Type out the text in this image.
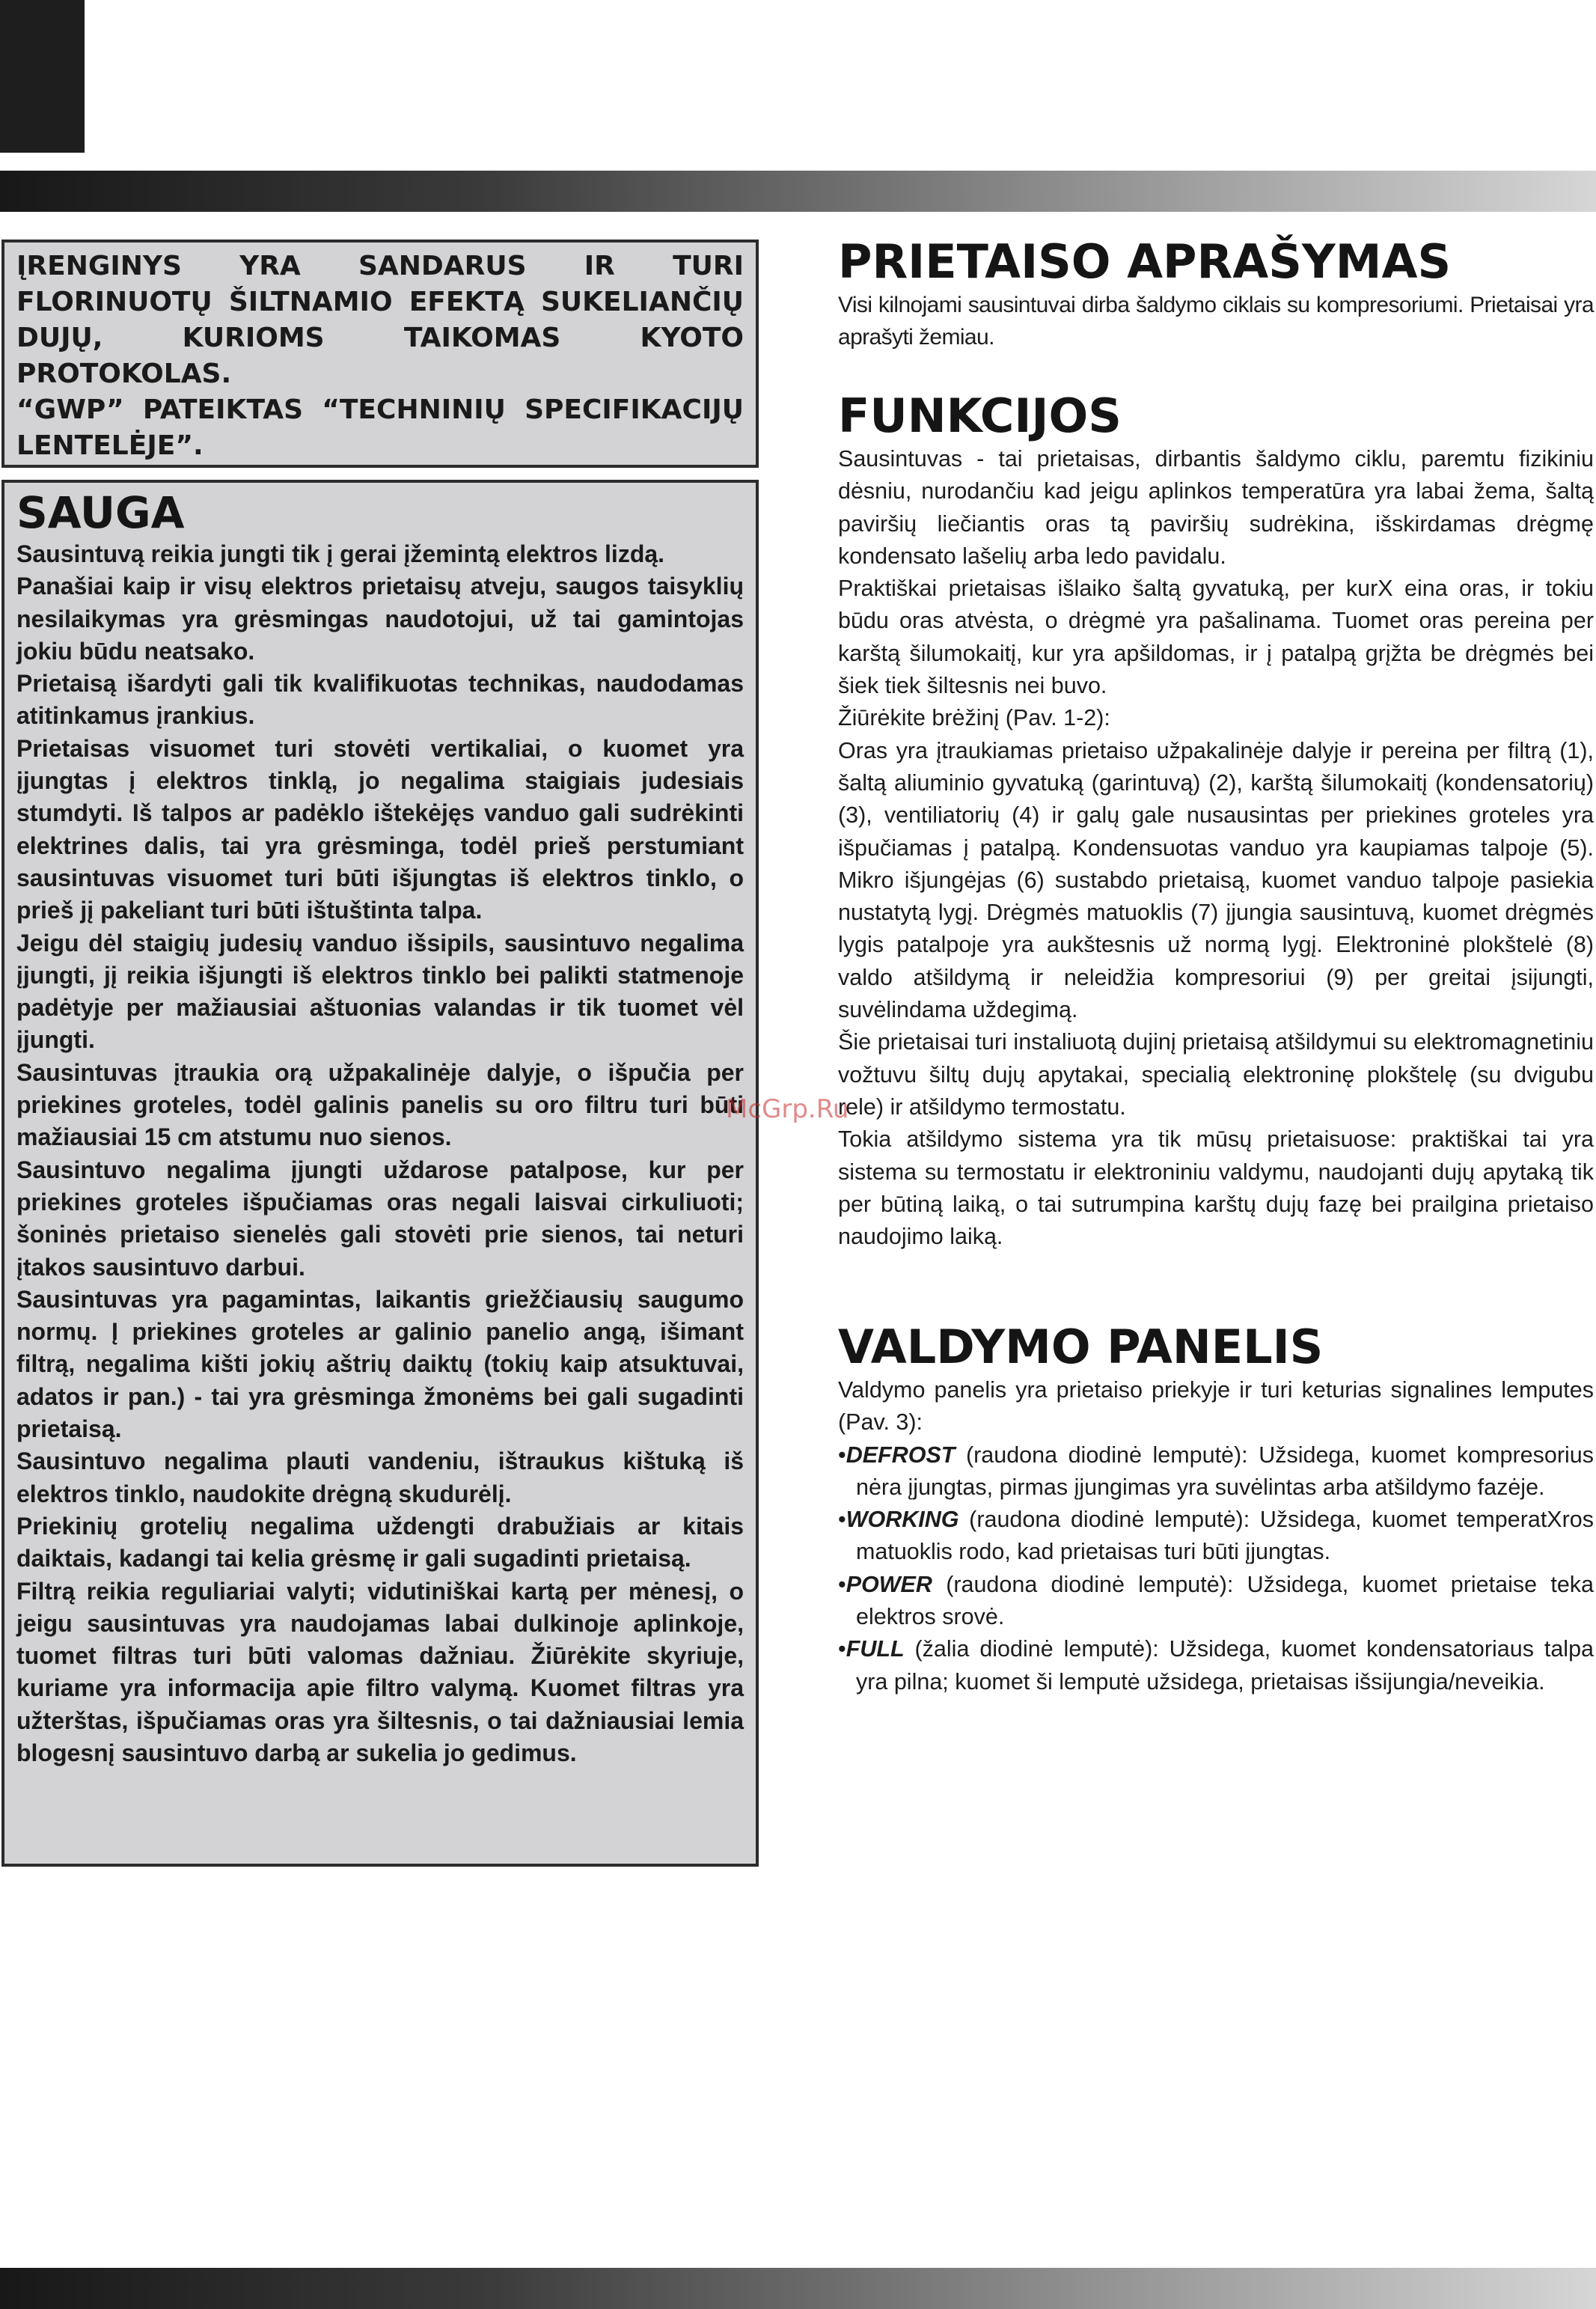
ĮRENGINYS YRA SANDARUS IR TURI FLORINUOTŲ ŠILTNAMIO EFEKTĄ SUKELIANČIŲ DUJŲ, KURIOMS TAIKOMAS KYOTO PROTOKOLAS.

“GWP” PATEIKTAS “TECHNINIŲ SPECIFIKACIJŲ LENTELĖJE”.

SAUGA

Sausintuvą reikia jungti tik į gerai įžemintą elektros lizdą.

Panašiai kaip ir visų elektros prietaisų atveju, saugos taisyklių nesilaikymas yra grėsmingas naudotojui, už tai gamintojas jokiu būdu neatsako.

Prietaisą išardyti gali tik kvalifikuotas technikas, naudodamas atitinkamus įrankius.

Prietaisas visuomet turi stovėti vertikaliai, o kuomet yra įjungtas į elektros tinklą, jo negalima staigiais judesiais stumdyti. Iš talpos ar padėklo ištekėjęs vanduo gali sudrėkinti elektrines dalis, tai yra grėsminga, todėl prieš perstumiant sausintuvas visuomet turi būti išjungtas iš elektros tinklo, o prieš jį pakeliant turi būti ištuštinta talpa.

Jeigu dėl staigių judesių vanduo išsipils, sausintuvo negalima įjungti, jį reikia išjungti iš elektros tinklo bei palikti statmenoje padėtyje per mažiausiai aštuonias valandas ir tik tuomet vėl įjungti.

Sausintuvas įtraukia orą užpakalinėje dalyje, o išpučia per priekines groteles, todėl galinis panelis su oro filtru turi būti mažiausiai 15 cm atstumu nuo sienos.

Sausintuvo negalima įjungti uždarose patalpose, kur per priekines groteles išpučiamas oras negali laisvai cirkuliuoti; šoninės prietaiso sienelės gali stovėti prie sienos, tai neturi įtakos sausintuvo darbui.

Sausintuvas yra pagamintas, laikantis griežčiausių saugumo normų. Į priekines groteles ar galinio panelio angą, išimant filtrą, negalima kišti jokių aštrių daiktų (tokių kaip atsuktuvai, adatos ir pan.) - tai yra grėsminga žmonėms bei gali sugadinti prietaisą.

Sausintuvo negalima plauti vandeniu, ištraukus kištuką iš elektros tinklo, naudokite drėgną skudurėlį.

Priekinių grotelių negalima uždengti drabužiais ar kitais daiktais, kadangi tai kelia grėsmę ir gali sugadinti prietaisą.

Filtrą reikia reguliariai valyti; vidutiniškai kartą per mėnesį, o jeigu sausintuvas yra naudojamas labai dulkinoje aplinkoje, tuomet filtras turi būti valomas dažniau. Žiūrėkite skyriuje, kuriame yra informacija apie filtro valymą. Kuomet filtras yra užterštas, išpučiamas oras yra šiltesnis, o tai dažniausiai lemia blogesnį sausintuvo darbą ar sukelia jo gedimus.

PRIETAISO APRAŠYMAS

Visi kilnojami sausintuvai dirba šaldymo ciklais su kompresoriumi. Prietaisai yra aprašyti žemiau.

FUNKCIJOS

Sausintuvas - tai prietaisas, dirbantis šaldymo ciklu, paremtu fizikiniu dėsniu, nurodančiu kad jeigu aplinkos temperatūra yra labai žema, šaltą paviršių liečiantis oras tą paviršių sudrėkina, išskirdamas drėgmę kondensato lašelių arba ledo pavidalu.

Praktiškai prietaisas išlaiko šaltą gyvatuką, per kurX eina oras, ir tokiu būdu oras atvėsta, o drėgmė yra pašalinama. Tuomet oras pereina per karštą šilumokaitį, kur yra apšildomas, ir į patalpą grįžta be drėgmės bei šiek tiek šiltesnis nei buvo.

Žiūrėkite brėžinį (Pav. 1-2):

Oras yra įtraukiamas prietaiso užpakalinėje dalyje ir pereina per filtrą (1), šaltą aliuminio gyvatuką (garintuvą) (2), karštą šilumokaitį (kondensatorių) (3), ventiliatorių (4) ir galų gale nusausintas per priekines groteles yra išpučiamas į patalpą. Kondensuotas vanduo yra kaupiamas talpoje (5). Mikro išjungėjas (6) sustabdo prietaisą, kuomet vanduo talpoje pasiekia nustatytą lygį. Drėgmės matuoklis (7) įjungia sausintuvą, kuomet drėgmės lygis patalpoje yra aukštesnis už normą lygį. Elektroninė plokštelė (8) valdo atšildymą ir neleidžia kompresoriui (9) per greitai įsijungti, suvėlindama uždegimą.

Šie prietaisai turi instaliuotą dujinį prietaisą atšildymui su elektromagnetiniu vožtuvu šiltų dujų apytakai, specialią elektroninę plokštelę (su dvigubu rele) ir atšildymo termostatu.

Tokia atšildymo sistema yra tik mūsų prietaisuose: praktiškai tai yra sistema su termostatu ir elektroniniu valdymu, naudojanti dujų apytaką tik per būtiną laiką, o tai sutrumpina karštų dujų fazę bei prailgina prietaiso naudojimo laiką.

VALDYMO PANELIS

Valdymo panelis yra prietaiso priekyje ir turi keturias signalines lemputes (Pav. 3):

•DEFROST (raudona diodinė lemputė): Užsidega, kuomet kompresorius nėra įjungtas, pirmas įjungimas yra suvėlintas arba atšildymo fazėje.

•WORKING (raudona diodinė lemputė): Užsidega, kuomet temperatXros matuoklis rodo, kad prietaisas turi būti įjungtas.

•POWER (raudona diodinė lemputė): Užsidega, kuomet prietaise teka elektros srovė.

•FULL (žalia diodinė lemputė): Užsidega, kuomet kondensatoriaus talpa yra pilna; kuomet ši lemputė užsidega, prietaisas išsijungia/neveikia.

McGrp.Ru
